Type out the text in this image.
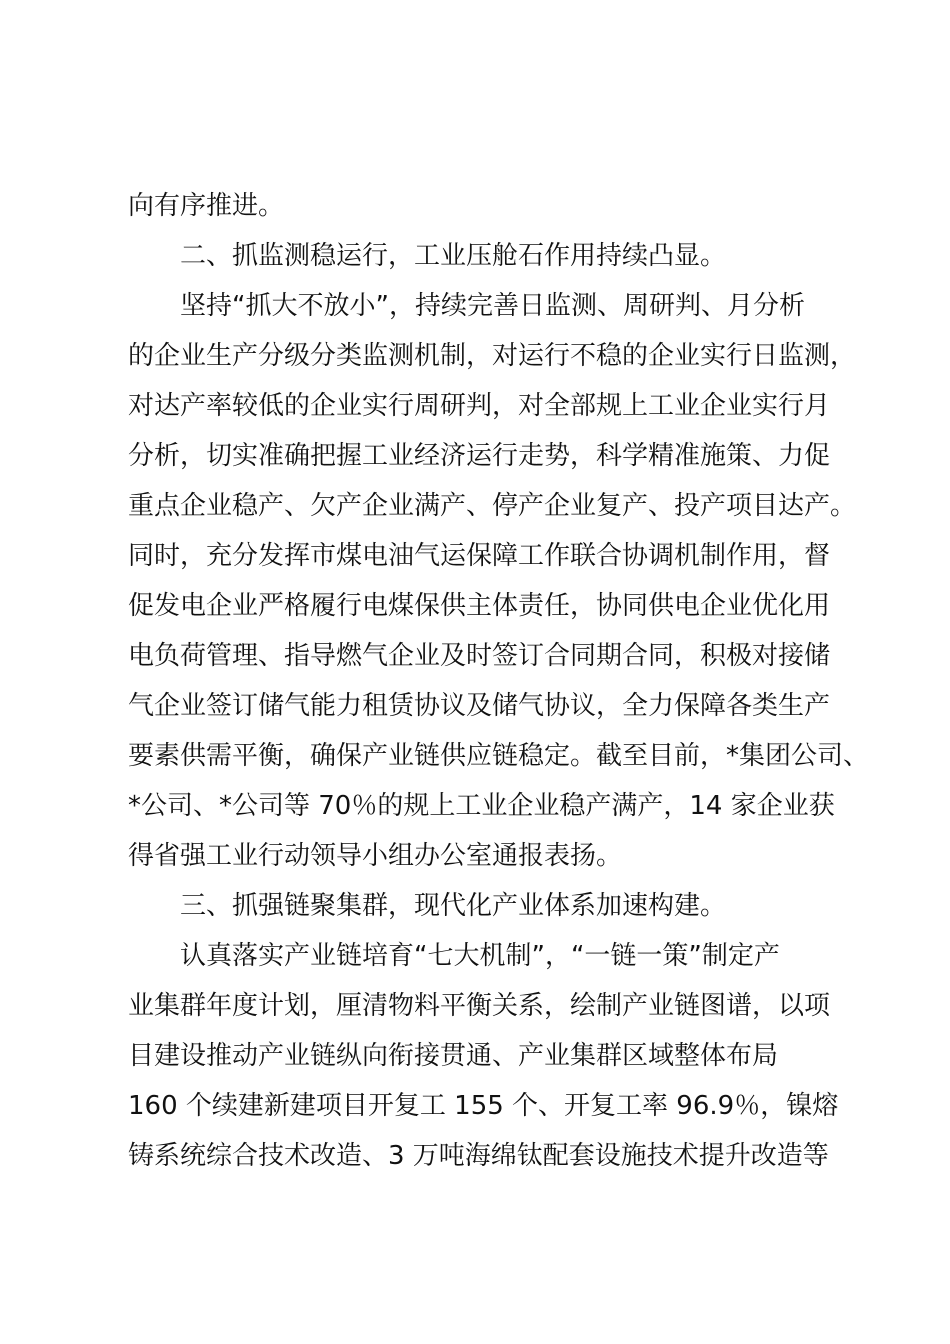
向有序推进。
二、抓监测稳运行，工业压舱石作用持续凸显。
坚持“抓大不放小”，持续完善日监测、周研判、月分析
的企业生产分级分类监测机制，对运行不稳的企业实行日监测，
对达产率较低的企业实行周研判，对全部规上工业企业实行月
分析，切实准确把握工业经济运行走势，科学精准施策、力促
重点企业稳产、欠产企业满产、停产企业复产、投产项目达产。
同时，充分发挥市煤电油气运保障工作联合协调机制作用，督
促发电企业严格履行电煤保供主体责任，协同供电企业优化用
电负荷管理、指导燃气企业及时签订合同期合同，积极对接储
气企业签订储气能力租赁协议及储气协议，全力保障各类生产
要素供需平衡，确保产业链供应链稳定。截至目前，*集团公司、
*公司、*公司等 70％的规上工业企业稳产满产，14 家企业获
得省强工业行动领导小组办公室通报表扬。
三、抓强链聚集群，现代化产业体系加速构建。
认真落实产业链培育“七大机制”，“一链一策”制定产
业集群年度计划，厘清物料平衡关系，绘制产业链图谱，以项
目建设推动产业链纵向衔接贯通、产业集群区域整体布局
160 个续建新建项目开复工 155 个、开复工率 96.9％，镍熔
铸系统综合技术改造、3 万吨海绵钛配套设施技术提升改造等
